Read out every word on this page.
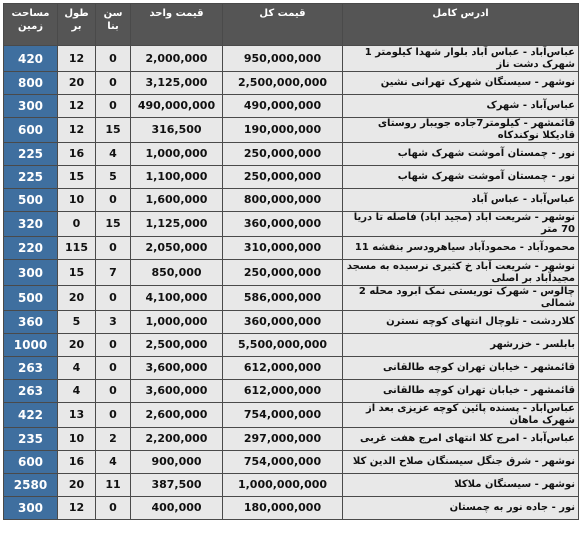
مساحت زمین	طول بر	سن بنا	قیمت واحد	قیمت کل	ادرس کامل

420	12	0	2,000,000	950,000,000	عباس‌آباد - عباس آباد بلوار شهدا کیلومتر 1 شهرک دشت ناز
800	20	0	3,125,000	2,500,000,000	نوشهر - سیسنگان شهرک تهرانی نشین
300	12	0	490,000,000	490,000,000	عباس‌آباد - شهرک
600	12	15	316,500	190,000,000	قائمشهر - کیلومتر7جاده جویبار روستای قادیکلا نوکندکاه
225	16	4	1,000,000	250,000,000	نور - چمستان آموشت شهرک شهاب
225	15	5	1,100,000	250,000,000	نور - چمستان آموشت شهرک شهاب
500	10	0	1,600,000	800,000,000	عباس‌آباد - عباس آباد
320	0	15	1,125,000	360,000,000	نوشهر - شریعت آباد (مجید آباد) فاصله تا دریا 70 متر
220	115	0	2,050,000	310,000,000	محمودآباد - محمودآباد سیاهرودسر بنفشه 11
300	15	7	850,000	250,000,000	نوشهر - شریعت آباد خ کثیری نرسیده به مسجد مجیدآباد بر اصلی
500	20	0	4,100,000	586,000,000	چالوس - شهرک توریستی نمک ابرود محله 2 شمالی
360	5	3	1,000,000	360,000,000	کلاردشت - تلوچال انتهای کوچه نسترن
1000	20	0	2,500,000	5,500,000,000	بابلسر - خزرشهر
263	4	0	3,600,000	612,000,000	قائمشهر - خیابان تهران کوچه طالقانی
263	4	0	3,600,000	612,000,000	قائمشهر - خیابان تهران کوچه طالقانی
422	13	0	2,600,000	754,000,000	عباس‌آباد - پسنده پائین کوچه عزیزی بعد از شهرک ماهان
235	10	2	2,200,000	297,000,000	عباس‌آباد - امرج کلا انتهای امرج هفت غربی
600	16	4	900,000	754,000,000	نوشهر - شرق جنگل سیسنگان صلاح الدین کلا
2580	20	11	387,500	1,000,000,000	نوشهر - سیسنگان ملاکلا
300	12	0	400,000	180,000,000	نور - جاده نور به چمستان
